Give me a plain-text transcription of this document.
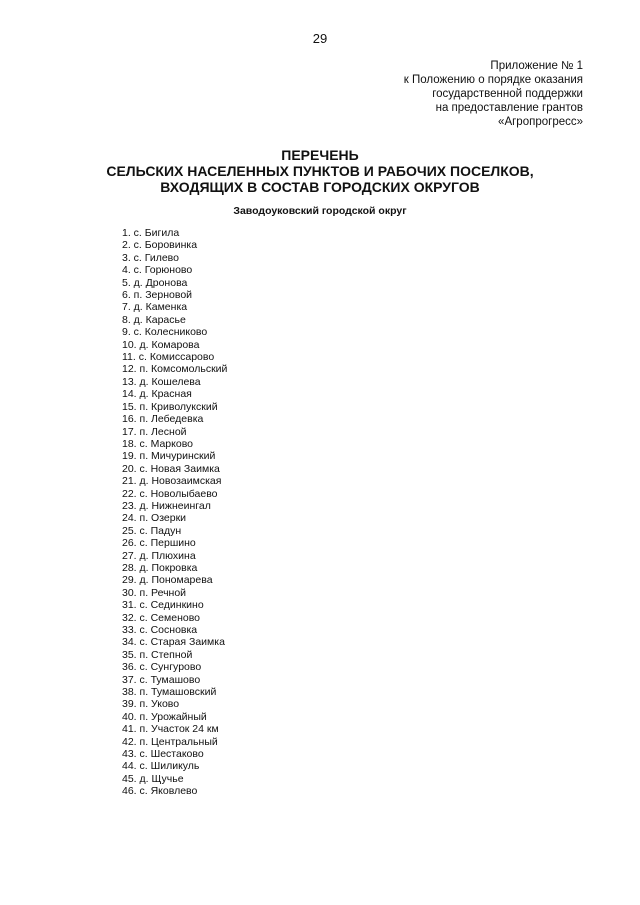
29
Приложение № 1
к Положению о порядке оказания
государственной поддержки
на предоставление грантов
«Агропрогресс»
ПЕРЕЧЕНЬ
СЕЛЬСКИХ НАСЕЛЕННЫХ ПУНКТОВ И РАБОЧИХ ПОСЕЛКОВ,
ВХОДЯЩИХ В СОСТАВ ГОРОДСКИХ ОКРУГОВ
Заводоуковский городской округ
1. с. Бигила
2. с. Боровинка
3. с. Гилево
4. с. Горюново
5. д. Дронова
6. п. Зерновой
7. д. Каменка
8. д. Карасье
9. с. Колесниково
10. д. Комарова
11. с. Комиссарово
12. п. Комсомольский
13. д. Кошелева
14. д. Красная
15. п. Криволукский
16. п. Лебедевка
17. п. Лесной
18. с. Марково
19. п. Мичуринский
20. с. Новая Заимка
21. д. Новозаимская
22. с. Новолыбаево
23. д. Нижнеингал
24. п. Озерки
25. с. Падун
26. с. Першино
27. д. Плюхина
28. д. Покровка
29. д. Пономарева
30. п. Речной
31. с. Сединкино
32. с. Семеново
33. с. Сосновка
34. с. Старая Заимка
35. п. Степной
36. с. Сунгурово
37. с. Тумашово
38. п. Тумашовский
39. п. Уково
40. п. Урожайный
41. п. Участок 24 км
42. п. Центральный
43. с. Шестаково
44. с. Шиликуль
45. д. Щучье
46. с. Яковлево
